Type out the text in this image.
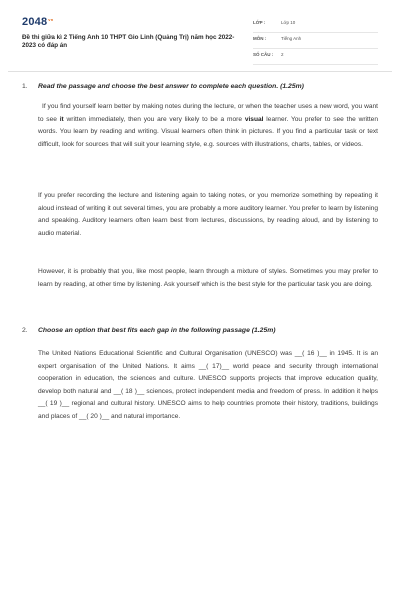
$2048^{vn}$
Đề thi giữa kì 2 Tiếng Anh 10 THPT Gio Linh (Quảng Trị) năm học 2022-2023 có đáp án
LỚP :	Lớp 10
MÔN :	Tiếng Anh
SỐ CÂU : 2
1. Read the passage and choose the best answer to complete each question. (1.25m)

If you find yourself learn better by making notes during the lecture, or when the teacher uses a new word, you want to see it written immediately, then you are very likely to be a more visual learner. You prefer to see the written words. You learn by reading and writing. Visual learners often think in pictures. If you find a particular task or text difficult, look for sources that will suit your learning style, e.g. sources with illustrations, charts, tables, or videos.

If you prefer recording the lecture and listening again to taking notes, or you memorize something by repeating it aloud instead of writing it out several times, you are probably a more auditory learner. You prefer to learn by listening and speaking. Auditory learners often learn best from lectures, discussions, by reading aloud, and by listening to audio material.

However, it is probably that you, like most people, learn through a mixture of styles. Sometimes you may prefer to learn by reading, at other time by listening. Ask yourself which is the best style for the particular task you are doing.

2. Choose an option that best fits each gap in the following passage (1.25m)

The United Nations Educational Scientific and Cultural Organisation (UNESCO) was __( 16 )__ in 1945. It is an expert organisation of the United Nations. It aims __( 17)__ world peace and security through international cooperation in education, the sciences and culture. UNESCO supports projects that improve education quality, develop both natural and __( 18 )__ sciences, protect independent media and freedom of press. In addition it helps __( 19 )__ regional and cultural history. UNESCO aims to help countries promote their history, traditions, buildings and places of __( 20 )__ and natural importance.
